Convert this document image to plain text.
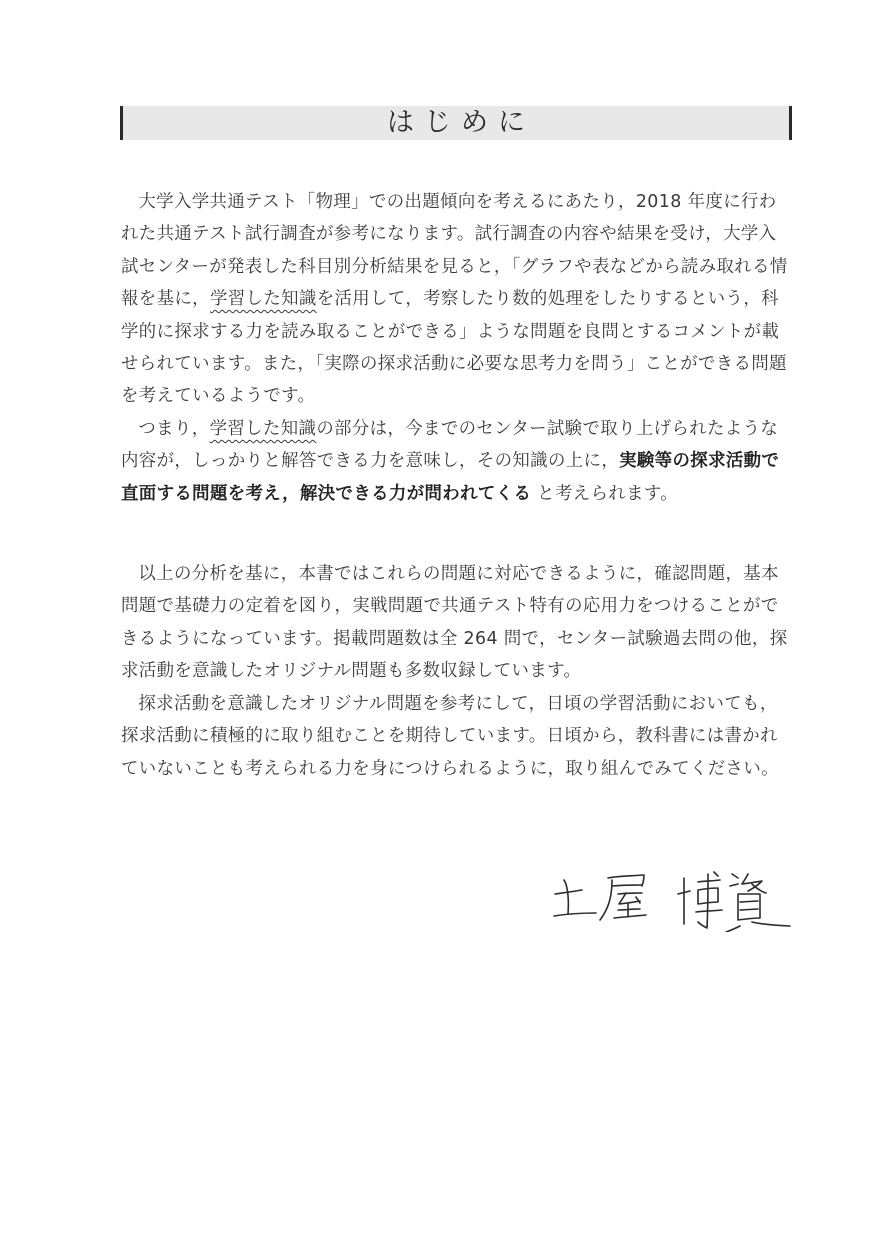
はじめに

大学入学共通テスト「物理」での出題傾向を考えるにあたり，2018 年度に行われた共通テスト試行調査が参考になります。試行調査の内容や結果を受け，大学入試センターが発表した科目別分析結果を見ると，「グラフや表などから読み取れる情報を基に，学習した知識を活用して，考察したり数的処理をしたりするという，科学的に探求する力を読み取ることができる」ような問題を良問とするコメントが載せられています。また，「実際の探求活動に必要な思考力を問う」ことができる問題を考えているようです。

つまり，学習した知識の部分は，今までのセンター試験で取り上げられたような内容が，しっかりと解答できる力を意味し，その知識の上に，実験等の探求活動で直面する問題を考え，解決できる力が問われてくる と考えられます。

以上の分析を基に，本書ではこれらの問題に対応できるように，確認問題，基本問題で基礎力の定着を図り，実戦問題で共通テスト特有の応用力をつけることができるようになっています。掲載問題数は全 264 問で，センター試験過去問の他，探求活動を意識したオリジナル問題も多数収録しています。

探求活動を意識したオリジナル問題を参考にして，日頃の学習活動においても，探求活動に積極的に取り組むことを期待しています。日頃から，教科書には書かれていないことも考えられる力を身につけられるように，取り組んでみてください。
